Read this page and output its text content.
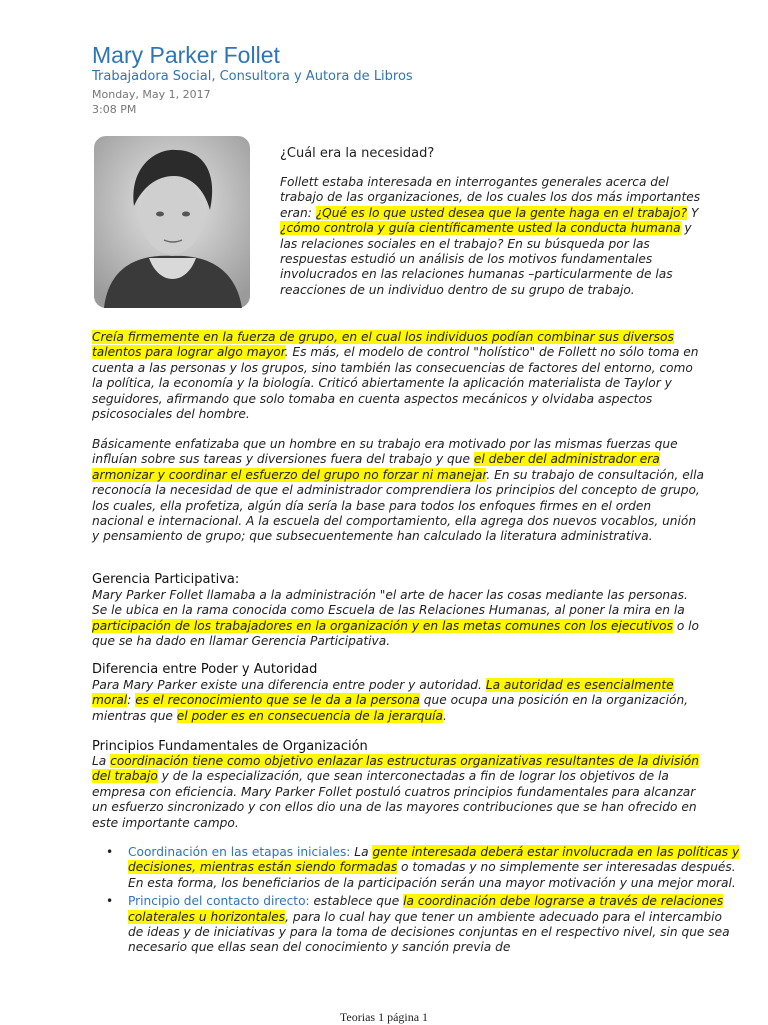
Mary Parker Follet
Trabajadora Social, Consultora y Autora de Libros
Monday, May 1, 2017
3:08 PM
¿Cuál era la necesidad?

Follett estaba interesada en interrogantes generales acerca del trabajo de las organizaciones, de los cuales los dos más importantes eran: ¿Qué es lo que usted desea que la gente haga en el trabajo? Y ¿cómo controla y guía científicamente usted la conducta humana y las relaciones sociales en el trabajo? En su búsqueda por las respuestas estudió un análisis de los motivos fundamentales involucrados en las relaciones humanas –particularmente de las reacciones de un individuo dentro de su grupo de trabajo.

Creía firmemente en la fuerza de grupo, en el cual los individuos podían combinar sus diversos talentos para lograr algo mayor. Es más, el modelo de control "holístico" de Follett no sólo toma en cuenta a las personas y los grupos, sino también las consecuencias de factores del entorno, como la política, la economía y la biología. Criticó abiertamente la aplicación materialista de Taylor y seguidores, afirmando que solo tomaba en cuenta aspectos mecánicos y olvidaba aspectos psicosociales del hombre.

Básicamente enfatizaba que un hombre en su trabajo era motivado por las mismas fuerzas que influían sobre sus tareas y diversiones fuera del trabajo y que el deber del administrador era armonizar y coordinar el esfuerzo del grupo no forzar ni manejar. En su trabajo de consultación, ella reconocía la necesidad de que el administrador comprendiera los principios del concepto de grupo, los cuales, ella profetiza, algún día sería la base para todos los enfoques firmes en el orden nacional e internacional. A la escuela del comportamiento, ella agrega dos nuevos vocablos, unión y pensamiento de grupo; que subsecuentemente han calculado la literatura administrativa.

Gerencia Participativa:

Mary Parker Follet llamaba a la administración "el arte de hacer las cosas mediante las personas. Se le ubica en la rama conocida como Escuela de las Relaciones Humanas, al poner la mira en la participación de los trabajadores en la organización y en las metas comunes con los ejecutivos o lo que se ha dado en llamar Gerencia Participativa.

Diferencia entre Poder y Autoridad

Para Mary Parker existe una diferencia entre poder y autoridad. La autoridad es esencialmente moral: es el reconocimiento que se le da a la persona que ocupa una posición en la organización, mientras que el poder es en consecuencia de la jerarquía.

Principios Fundamentales de Organización

La coordinación tiene como objetivo enlazar las estructuras organizativas resultantes de la división del trabajo y de la especialización, que sean interconectadas a fin de lograr los objetivos de la empresa con eficiencia. Mary Parker Follet postuló cuatros principios fundamentales para alcanzar un esfuerzo sincronizado y con ellos dio una de las mayores contribuciones que se han ofrecido en este importante campo.

• Coordinación en las etapas iniciales: La gente interesada deberá estar involucrada en las políticas y decisiones, mientras están siendo formadas o tomadas y no simplemente ser interesadas después. En esta forma, los beneficiarios de la participación serán una mayor motivación y una mejor moral.
• Principio del contacto directo: establece que la coordinación debe lograrse a través de relaciones colaterales u horizontales, para lo cual hay que tener un ambiente adecuado para el intercambio de ideas y de iniciativas y para la toma de decisiones conjuntas en el respectivo nivel, sin que sea necesario que ellas sean del conocimiento y sanción previa de
Teorias 1 página 1
